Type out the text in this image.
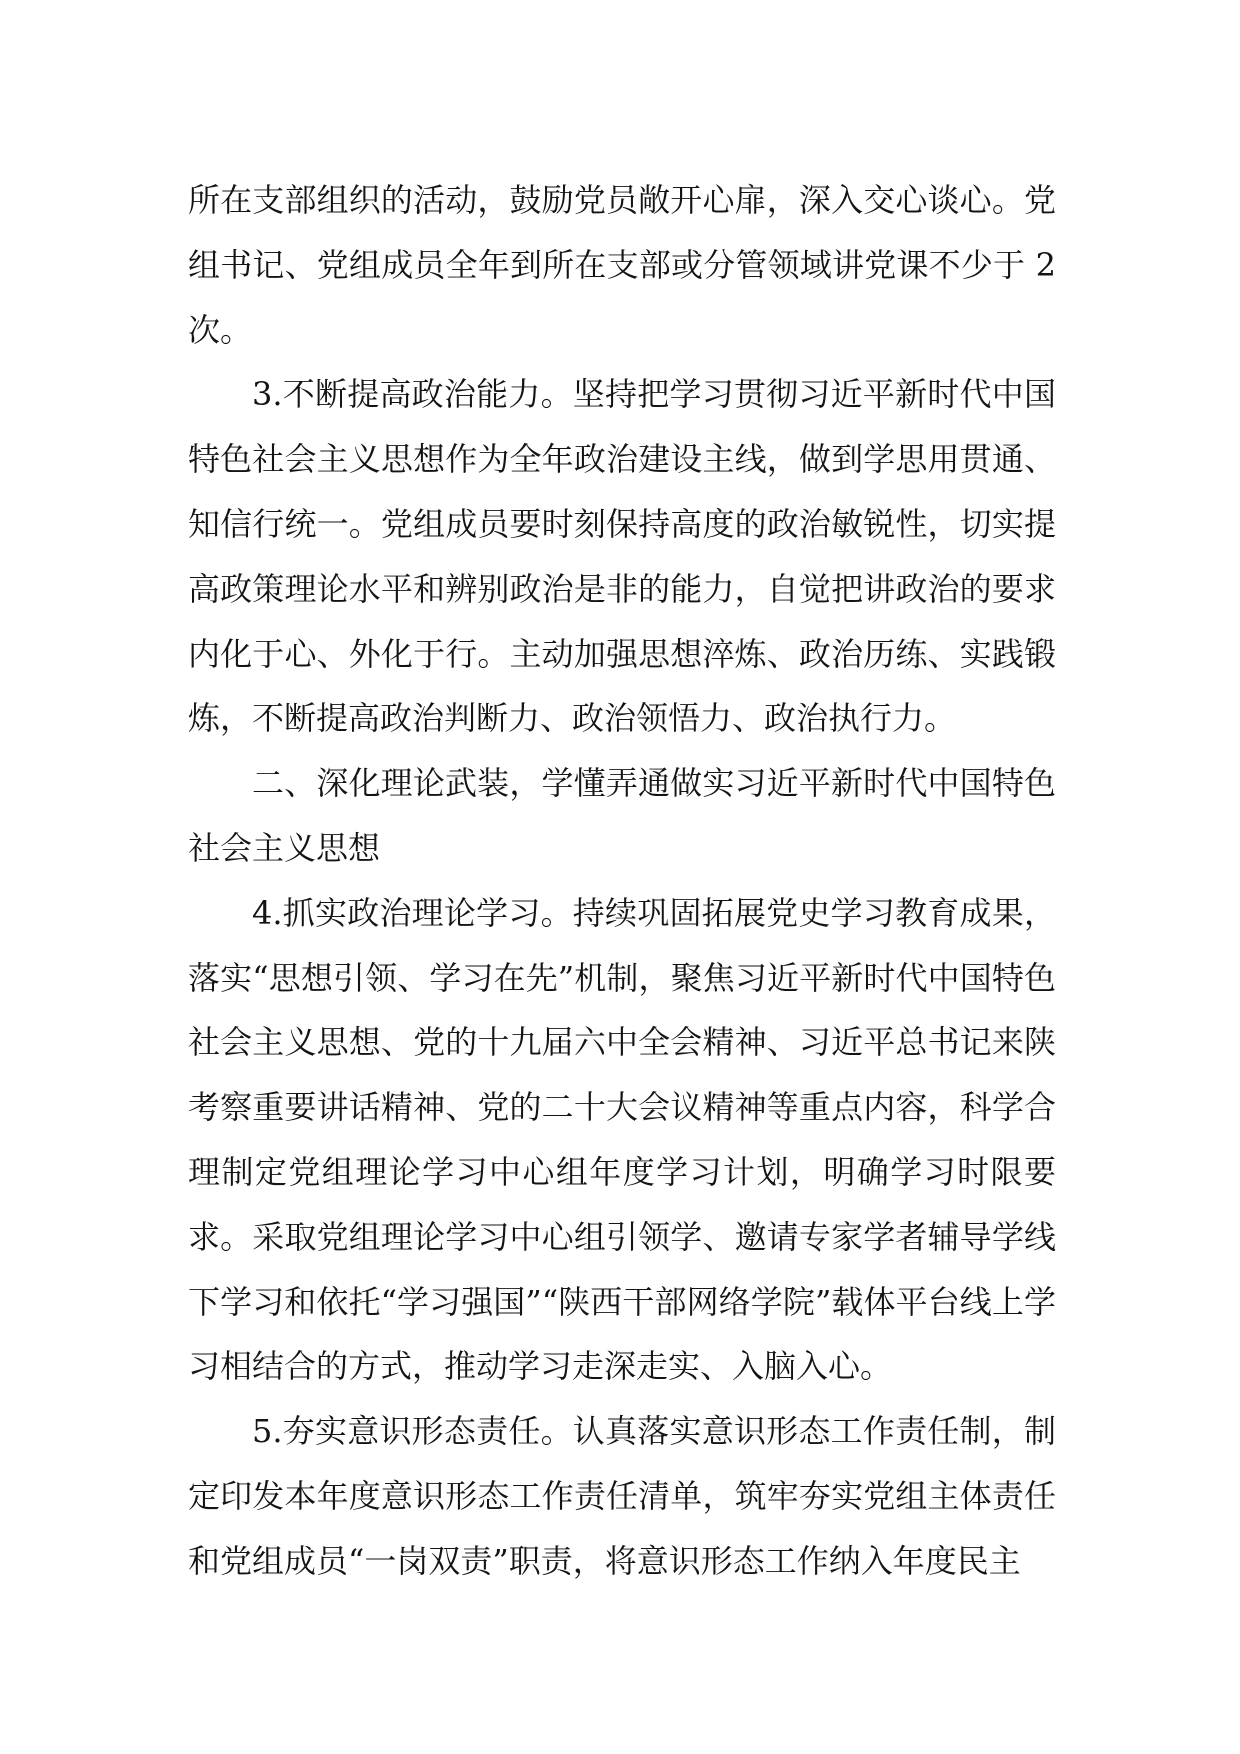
所在支部组织的活动，鼓励党员敞开心扉，深入交心谈心。党组书记、党组成员全年到所在支部或分管领域讲党课不少于 2 次。

3.不断提高政治能力。坚持把学习贯彻习近平新时代中国特色社会主义思想作为全年政治建设主线，做到学思用贯通、知信行统一。党组成员要时刻保持高度的政治敏锐性，切实提高政策理论水平和辨别政治是非的能力，自觉把讲政治的要求内化于心、外化于行。主动加强思想淬炼、政治历练、实践锻炼，不断提高政治判断力、政治领悟力、政治执行力。

二、深化理论武装，学懂弄通做实习近平新时代中国特色社会主义思想

4.抓实政治理论学习。持续巩固拓展党史学习教育成果，落实“思想引领、学习在先”机制，聚焦习近平新时代中国特色社会主义思想、党的十九届六中全会精神、习近平总书记来陕考察重要讲话精神、党的二十大会议精神等重点内容，科学合理制定党组理论学习中心组年度学习计划，明确学习时限要求。采取党组理论学习中心组引领学、邀请专家学者辅导学线下学习和依托“学习强国”“陕西干部网络学院”载体平台线上学习相结合的方式，推动学习走深走实、入脑入心。

5.夯实意识形态责任。认真落实意识形态工作责任制，制定印发本年度意识形态工作责任清单，筑牢夯实党组主体责任和党组成员“一岗双责”职责，将意识形态工作纳入年度民主
